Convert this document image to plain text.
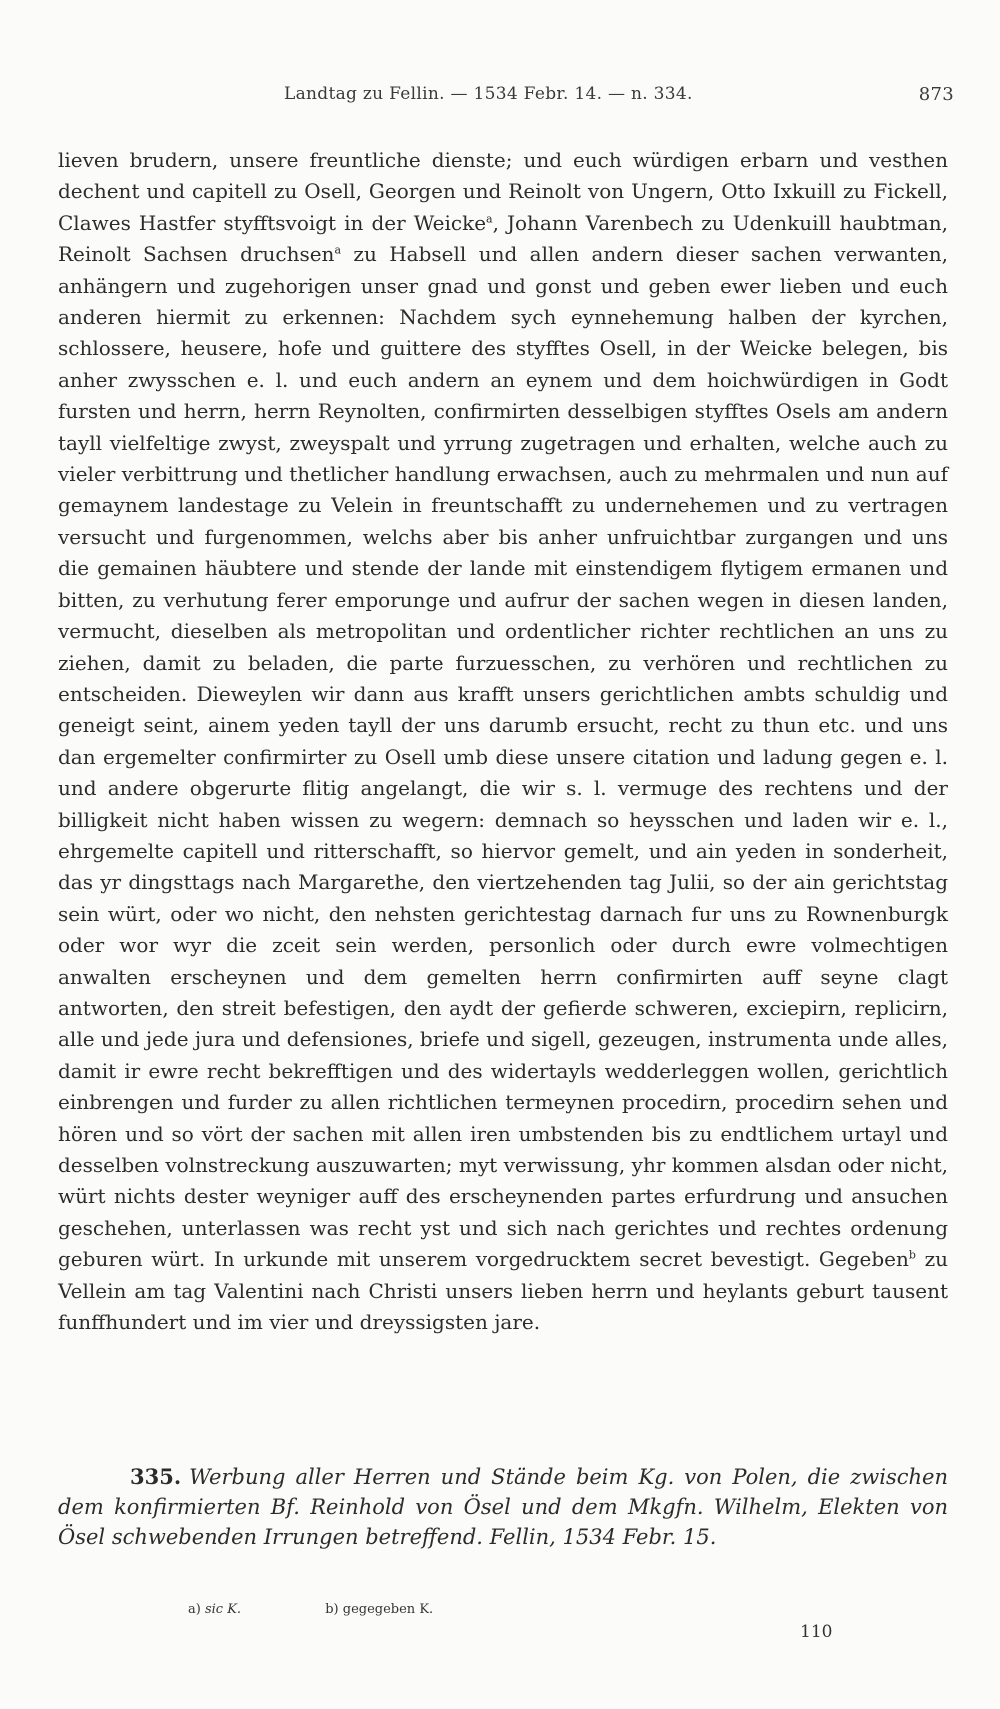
Landtag zu Fellin. — 1534 Febr. 14. — n. 334.	873
lieven brudern, unsere freuntliche dienste; und euch würdigen erbarn und vesthen dechent und capitell zu Osell, Georgen und Reinolt von Ungern, Otto Ixkuill zu Fickell, Clawes Hastfer styfftsvoigt in der Weicke$^a$, Johann Varenbech zu Udenkuill haubtman, Reinolt Sachsen druchsen$^a$ zu Habsell und allen andern dieser sachen verwanten, anhängern und zugehorigen unser gnad und gonst und geben ewer lieben und euch anderen hiermit zu erkennen: Nachdem sych eynnehemung halben der kyrchen, schlossere, heusere, hofe und guittere des styfftes Osell, in der Weicke belegen, bis anher zwysschen e. l. und euch andern an eynem und dem hoichwürdigen in Godt fursten und herrn, herrn Reynolten, confirmirten desselbigen styfftes Osels am andern tayll vielfeltige zwyst, zweyspalt und yrrung zugetragen und erhalten, welche auch zu vieler verbittrung und thetlicher handlung erwachsen, auch zu mehrmalen und nun auf gemaynem landestage zu Velein in freuntschafft zu undernehemen und zu vertragen versucht und furgenommen, welchs aber bis anher unfruichtbar zurgangen und uns die gemainen häubtere und stende der lande mit einstendigem flytigem ermanen und bitten, zu verhutung ferer emporunge und aufrur der sachen wegen in diesen landen, vermucht, dieselben als metropolitan und ordentlicher richter rechtlichen an uns zu ziehen, damit zu beladen, die parte furzuesschen, zu verhören und rechtlichen zu entscheiden. Dieweylen wir dann aus krafft unsers gerichtlichen ambts schuldig und geneigt seint, ainem yeden tayll der uns darumb ersucht, recht zu thun etc. und uns dan ergemelter confirmirter zu Osell umb diese unsere citation und ladung gegen e. l. und andere obgerurte flitig angelangt, die wir s. l. vermuge des rechtens und der billigkeit nicht haben wissen zu wegern: demnach so heysschen und laden wir e. l., ehrgemelte capitell und ritterschafft, so hiervor gemelt, und ain yeden in sonderheit, das yr dingsttags nach Margarethe, den viertzehenden tag Julii, so der ain gerichtstag sein würt, oder wo nicht, den nehsten gerichtestag darnach fur uns zu Rownenburgk oder wor wyr die zceit sein werden, personlich oder durch ewre volmechtigen anwalten erscheynen und dem gemelten herrn confirmirten auff seyne clagt antworten, den streit befestigen, den aydt der gefierde schweren, exciepirn, replicirn, alle und jede jura und defensiones, briefe und sigell, gezeugen, instrumenta unde alles, damit ir ewre recht bekrefftigen und des widertayls wedderleggen wollen, gerichtlich einbrengen und furder zu allen richtlichen termeynen procedirn, procedirn sehen und hören und so vört der sachen mit allen iren umbstenden bis zu endtlichem urtayl und desselben volnstreckung auszuwarten; myt verwissung, yhr kommen alsdan oder nicht, würt nichts dester weyniger auff des erscheynenden partes erfurdrung und ansuchen geschehen, unterlassen was recht yst und sich nach gerichtes und rechtes ordenung geburen würt. In urkunde mit unserem vorgedrucktem secret bevestigt. Gegeben$^b$ zu Vellein am tag Valentini nach Christi unsers lieben herrn und heylants geburt tausent funffhundert und im vier und dreyssigsten jare.
335. Werbung aller Herren und Stände beim Kg. von Polen, die zwischen dem konfirmierten Bf. Reinhold von Ösel und dem Mkgfn. Wilhelm, Elekten von Ösel schwebenden Irrungen betreffend. Fellin, 1534 Febr. 15.
a) sic K.	b) gegegeben K.
110
